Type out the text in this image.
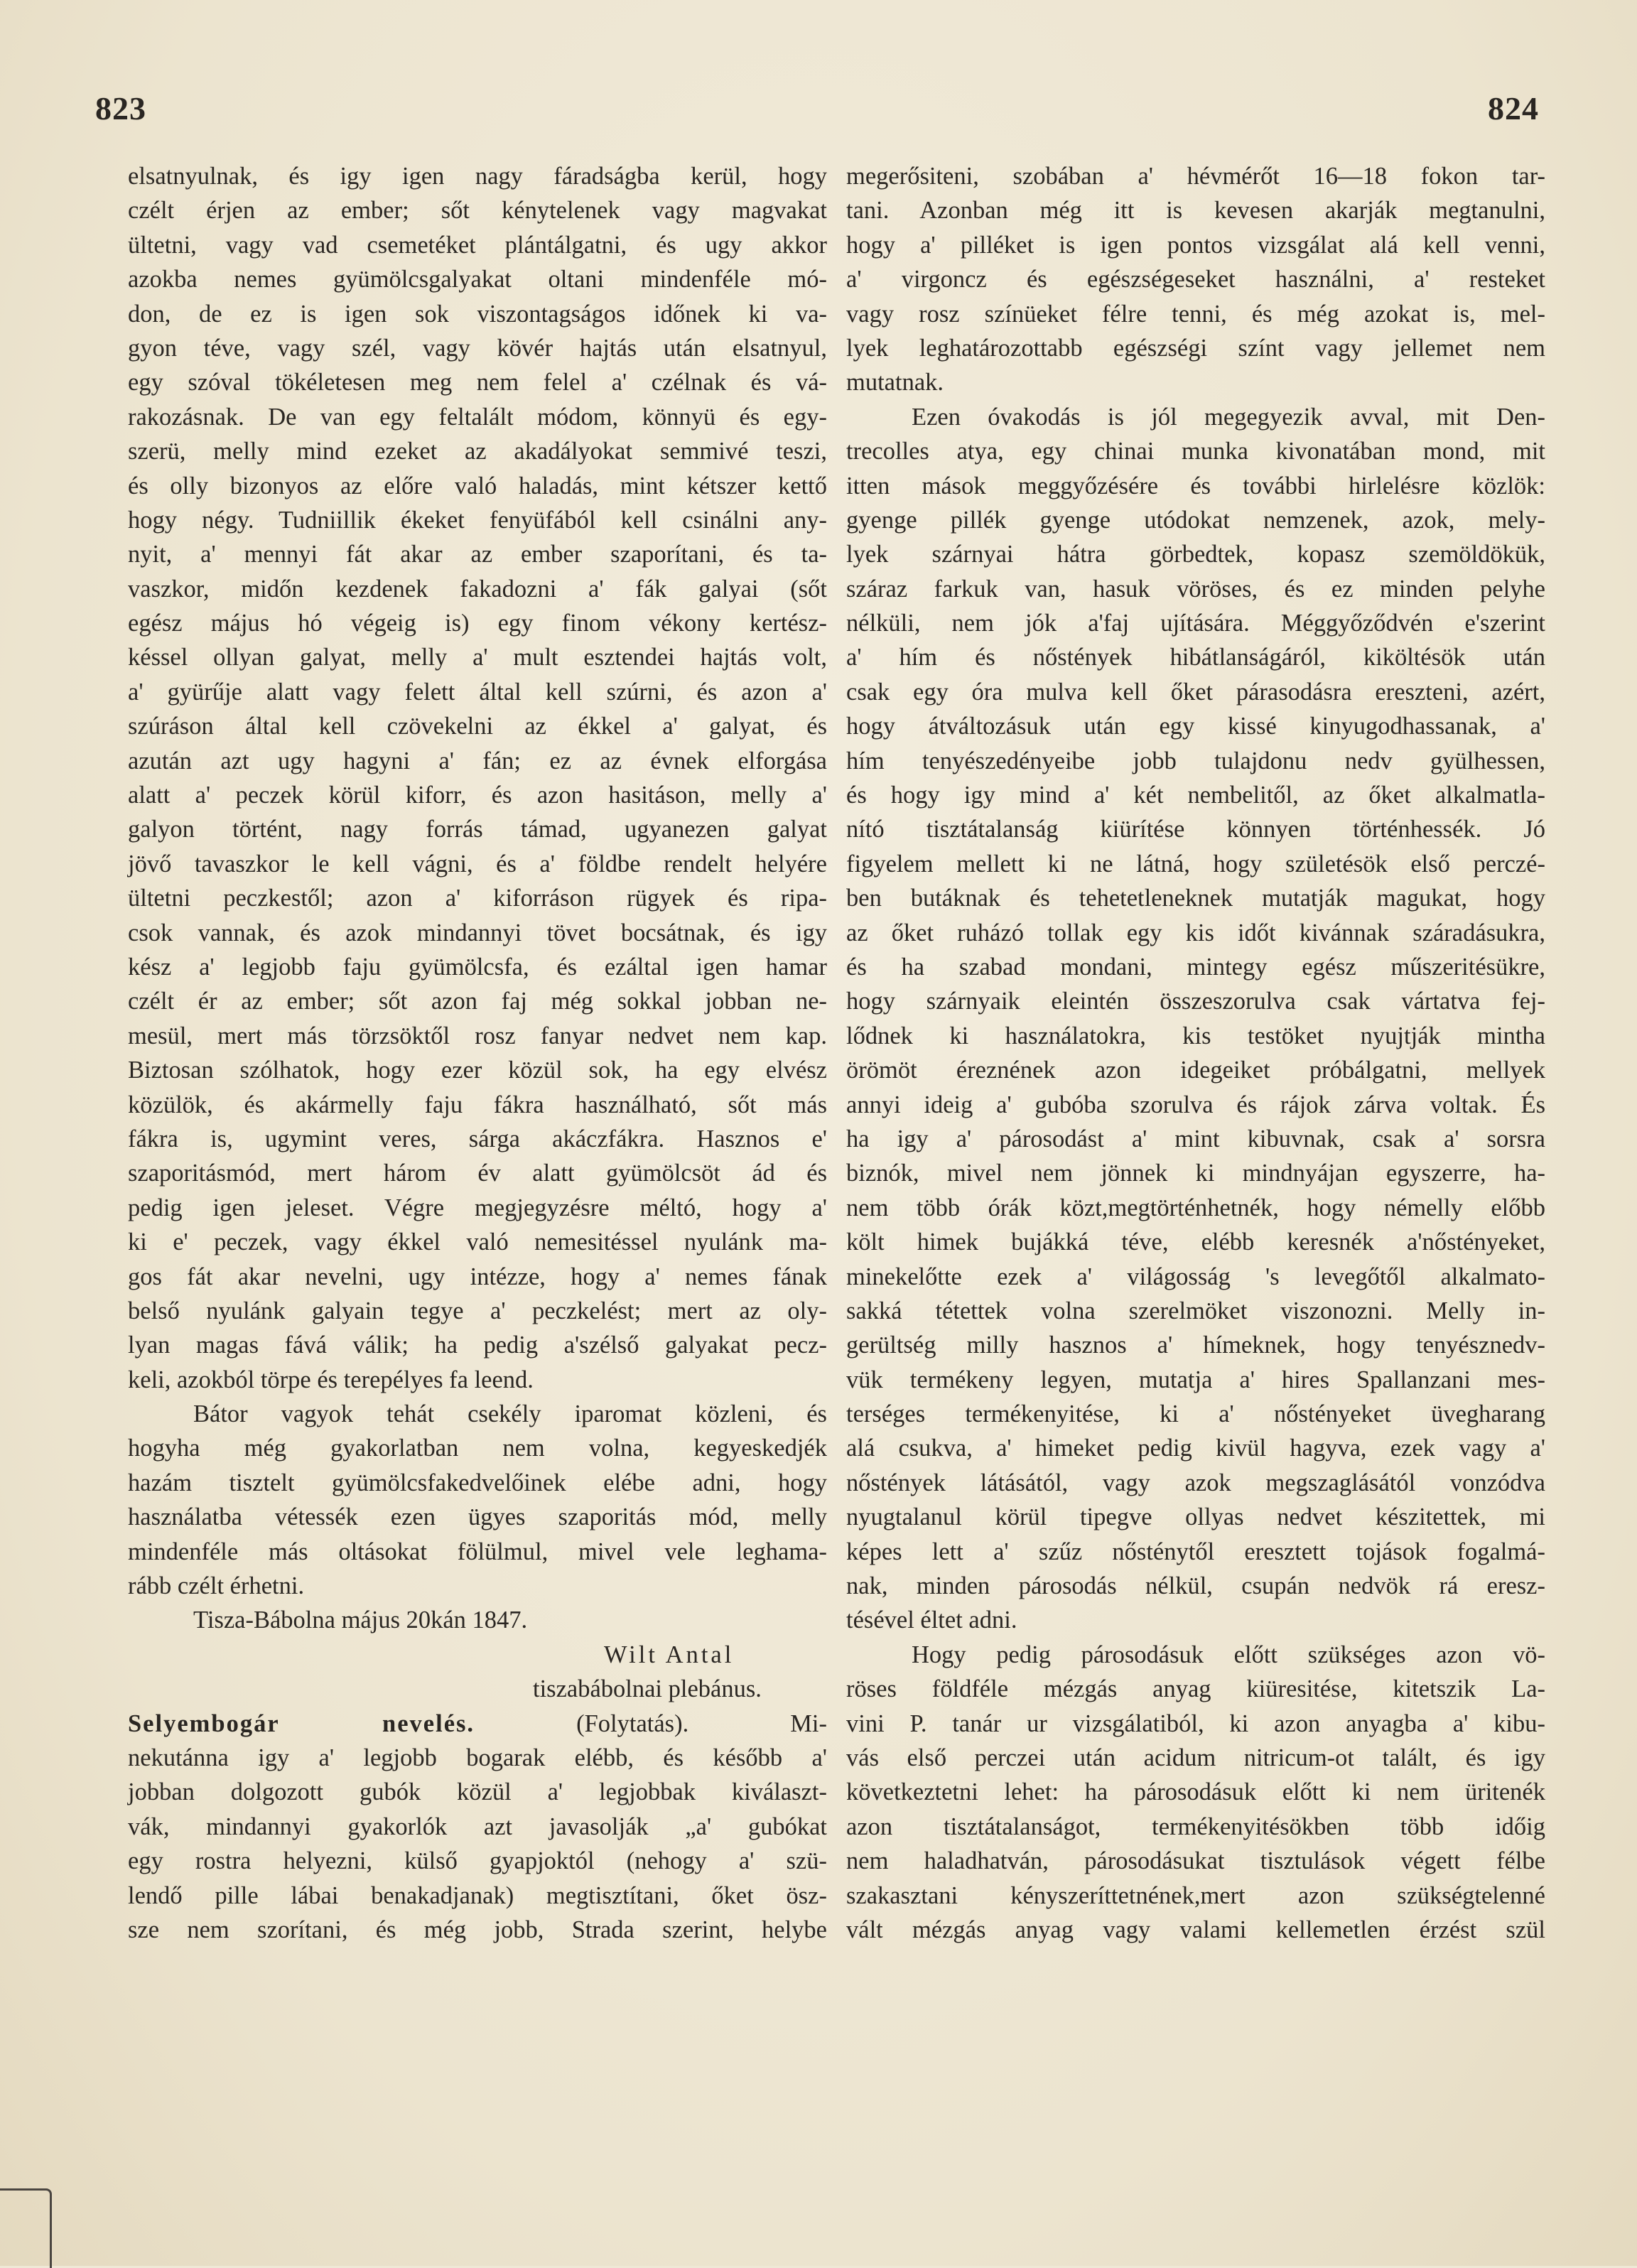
823	824
elsatnyulnak, és igy igen nagy fáradságba kerül, hogy
czélt érjen az ember; sőt kénytelenek vagy magvakat
ültetni, vagy vad csemetéket plántálgatni, és ugy akkor
azokba nemes gyümölcsgalyakat oltani mindenféle mó-
don, de ez is igen sok viszontagságos időnek ki va-
gyon téve, vagy szél, vagy kövér hajtás után elsatnyul,
egy szóval tökéletesen meg nem felel a' czélnak és vá-
rakozásnak. De van egy feltalált módom, könnyü és egy-
szerü, melly mind ezeket az akadályokat semmivé teszi,
és olly bizonyos az előre való haladás, mint kétszer kettő
hogy négy. Tudniillik ékeket fenyüfából kell csinálni any-
nyit, a' mennyi fát akar az ember szaporítani, és ta-
vaszkor, midőn kezdenek fakadozni a' fák galyai (sőt
egész május hó végeig is) egy finom vékony kertész-
késsel ollyan galyat, melly a' mult esztendei hajtás volt,
a' gyürűje alatt vagy felett által kell szúrni, és azon a'
szúráson által kell czövekelni az ékkel a' galyat, és
azután azt ugy hagyni a' fán; ez az évnek elforgása
alatt a' peczek körül kiforr, és azon hasitáson, melly a'
galyon történt, nagy forrás támad, ugyanezen galyat
jövő tavaszkor le kell vágni, és a' földbe rendelt helyére
ültetni peczkestől; azon a' kiforráson rügyek és ripa-
csok vannak, és azok mindannyi tövet bocsátnak, és igy
kész a' legjobb faju gyümölcsfa, és ezáltal igen hamar
czélt ér az ember; sőt azon faj még sokkal jobban ne-
mesül, mert más törzsöktől rosz fanyar nedvet nem kap.
Biztosan szólhatok, hogy ezer közül sok, ha egy elvész
közülök, és akármelly faju fákra használható, sőt más
fákra is, ugymint veres, sárga akáczfákra. Hasznos e'
szaporitásmód, mert három év alatt gyümölcsöt ád és
pedig igen jeleset. Végre megjegyzésre méltó, hogy a'
ki e' peczek, vagy ékkel való nemesitéssel nyulánk ma-
gos fát akar nevelni, ugy intézze, hogy a' nemes fának
belső nyulánk galyain tegye a' peczkelést; mert az oly-
lyan magas fává válik; ha pedig a'szélső galyakat pecz-
keli, azokból törpe és terepélyes fa leend.
Bátor vagyok tehát csekély iparomat közleni, és
hogyha még gyakorlatban nem volna, kegyeskedjék
hazám tisztelt gyümölcsfakedvelőinek elébe adni, hogy
használatba vétessék ezen ügyes szaporitás mód, melly
mindenféle más oltásokat fölülmul, mivel vele leghama-
rább czélt érhetni.
Tisza-Bábolna május 20kán 1847.
Wilt Antal
tiszabábolnai plebánus.
Selyembogár nevelés.	(Folytatás). Mi-
nekutánna igy a' legjobb bogarak elébb, és később a'
jobban dolgozott gubók közül a' legjobbak kiválaszt-
vák, mindannyi gyakorlók azt javasolják „a' gubókat
egy rostra helyezni, külső gyapjoktól (nehogy a' szü-
lendő pille lábai benakadjanak) megtisztítani, őket ösz-
sze nem szorítani, és még jobb, Strada szerint, helybe
megerősiteni, szobában a' hévmérőt 16—18 fokon tar-
tani. Azonban még itt is kevesen akarják megtanulni,
hogy a' pilléket is igen pontos vizsgálat alá kell venni,
a' virgoncz és egészségeseket használni, a' resteket
vagy rosz színüeket félre tenni, és még azokat is, mel-
lyek leghatározottabb egészségi színt vagy jellemet nem
mutatnak.
Ezen óvakodás is jól megegyezik avval, mit Den-
trecolles atya, egy chinai munka kivonatában mond, mit
itten mások meggyőzésére és további hirlelésre közlök:
gyenge pillék gyenge utódokat nemzenek, azok, mely-
lyek szárnyai hátra görbedtek, kopasz szemöldökük,
száraz farkuk van, hasuk vöröses, és ez minden pelyhe
nélküli, nem jók a'faj ujítására. Méggyőződvén e'szerint
a' hím és nőstények hibátlanságáról, kiköltésök után
csak egy óra mulva kell őket párasodásra ereszteni, azért,
hogy átváltozásuk után egy kissé kinyugodhassanak, a'
hím tenyészedényeibe jobb tulajdonu nedv gyülhessen,
és hogy igy mind a' két nembelitől, az őket alkalmatla-
nító tisztátalanság kiürítése könnyen történhessék. Jó
figyelem mellett ki ne látná, hogy születésök első perczé-
ben butáknak és tehetetleneknek mutatják magukat, hogy
az őket ruházó tollak egy kis időt kivánnak száradásukra,
és ha szabad mondani, mintegy egész műszeritésükre,
hogy szárnyaik eleintén összeszorulva csak vártatva fej-
lődnek ki használatokra, kis testöket nyujtják mintha
örömöt éreznének azon idegeiket próbálgatni, mellyek
annyi ideig a' gubóba szorulva és rájok zárva voltak. És
ha igy a' párosodást a' mint kibuvnak, csak a' sorsra
biznók, mivel nem jönnek ki mindnyájan egyszerre, ha-
nem több órák közt,megtörténhetnék, hogy némelly előbb
költ himek bujákká téve, elébb keresnék a'nőstényeket,
minekelőtte ezek a' világosság 's levegőtől alkalmato-
sakká tétettek volna szerelmöket viszonozni. Melly in-
gerültség milly hasznos a' hímeknek, hogy tenyésznedv-
vük termékeny legyen, mutatja a' hires Spallanzani mes-
terséges termékenyitése, ki a' nőstényeket üvegharang
alá csukva, a' himeket pedig kivül hagyva, ezek vagy a'
nőstények látásától, vagy azok megszaglásától vonzódva
nyugtalanul körül tipegve ollyas nedvet készitettek, mi
képes lett a' szűz nősténytől eresztett tojások fogalmá-
nak, minden párosodás nélkül, csupán nedvök rá eresz-
tésével éltet adni.
Hogy pedig párosodásuk előtt szükséges azon vö-
röses földféle mézgás anyag kiüresitése, kitetszik La-
vini P. tanár ur vizsgálatiból, ki azon anyagba a' kibu-
vás első perczei után acidum nitricum-ot talált, és igy
következtetni lehet: ha párosodásuk előtt ki nem üritenék
azon tisztátalanságot, termékenyitésökben több időig
nem haladhatván, párosodásukat tisztulások végett félbe
szakasztani kényszeríttetnének,mert azon szükségtelenné
vált mézgás anyag vagy valami kellemetlen érzést szül
